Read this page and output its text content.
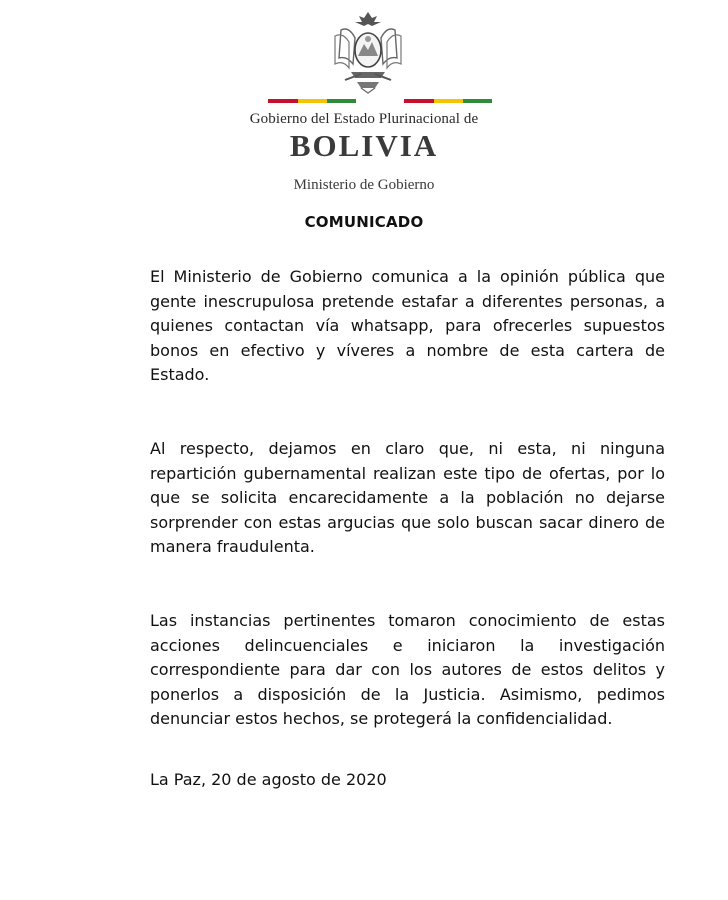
Gobierno del Estado Plurinacional de
BOLIVIA
Ministerio de Gobierno
COMUNICADO

El Ministerio de Gobierno comunica a la opinión pública que gente inescrupulosa pretende estafar a diferentes personas, a quienes contactan vía whatsapp, para ofrecerles supuestos bonos en efectivo y víveres a nombre de esta cartera de Estado.

Al respecto, dejamos en claro que, ni esta, ni ninguna repartición gubernamental realizan este tipo de ofertas, por lo que se solicita encarecidamente a la población no dejarse sorprender con estas argucias que solo buscan sacar dinero de manera fraudulenta.

Las instancias pertinentes tomaron conocimiento de estas acciones delincuenciales e iniciaron la investigación correspondiente para dar con los autores de estos delitos y ponerlos a disposición de la Justicia. Asimismo, pedimos denunciar estos hechos, se protegerá la confidencialidad.

La Paz, 20 de agosto de 2020
